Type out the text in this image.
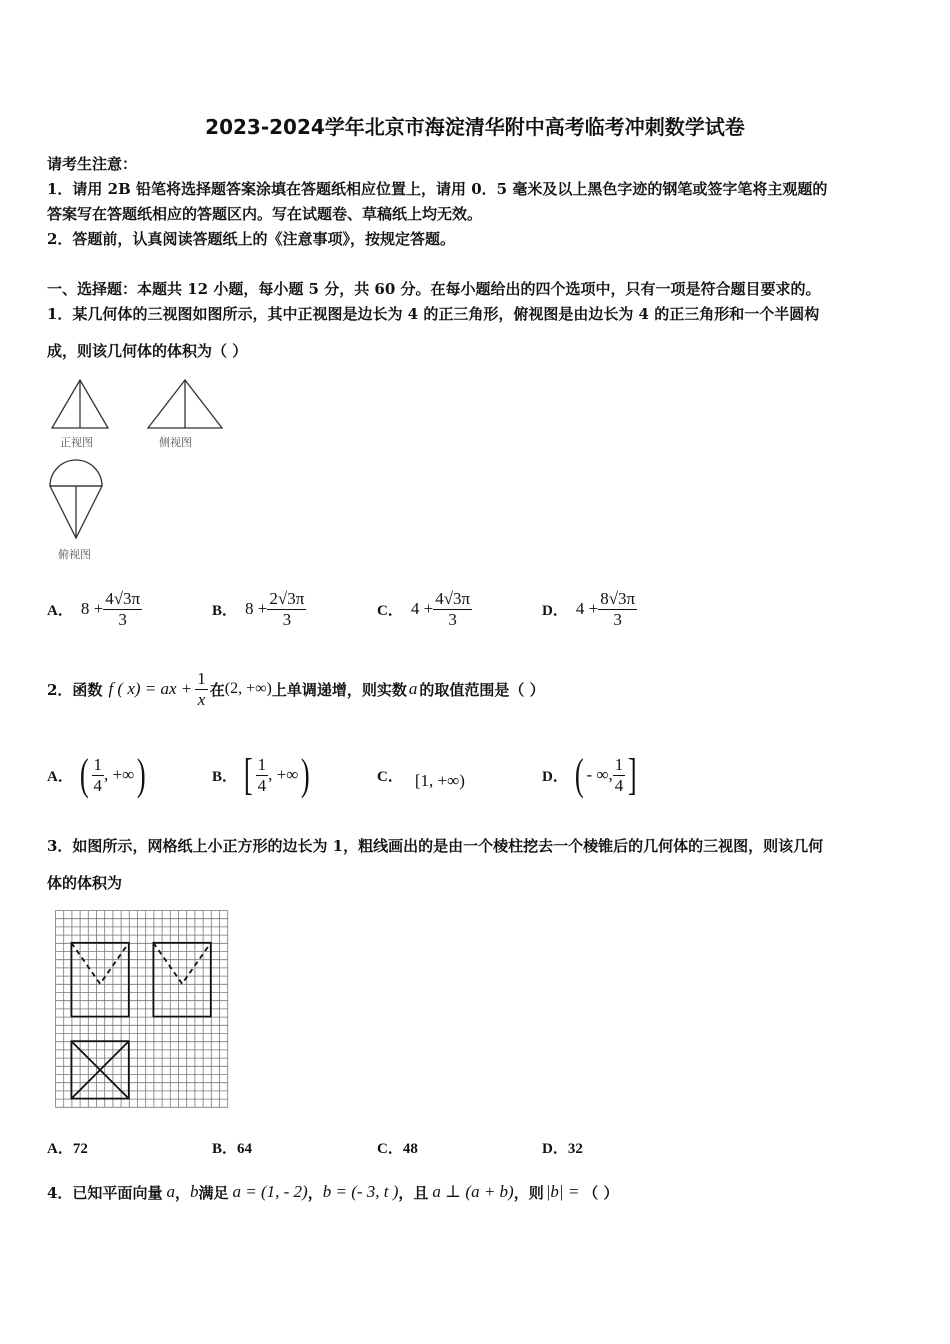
2023-2024学年北京市海淀清华附中高考临考冲刺数学试卷
请考生注意：
1．请用 2B 铅笔将选择题答案涂填在答题纸相应位置上，请用 0．5 毫米及以上黑色字迹的钢笔或签字笔将主观题的
答案写在答题纸相应的答题区内。写在试题卷、草稿纸上均无效。
2．答题前，认真阅读答题纸上的《注意事项》，按规定答题。
一、选择题：本题共 12 小题，每小题 5 分，共 60 分。在每小题给出的四个选项中，只有一项是符合题目要求的。
1．某几何体的三视图如图所示，其中正视图是边长为 4 的正三角形，俯视图是由边长为 4 的正三角形和一个半圆构
成，则该几何体的体积为（ ）
正视图	侧视图
俯视图
A． $8 + \frac{4√3\pi}{3}$	B． $8 + \frac{2√3\pi}{3}$	C． $4 + \frac{4√3\pi}{3}$	D． $4 + \frac{8√3\pi}{3}$
2．函数 f ( x) = ax + $\frac{1}{x}$ 在 (2, +∞) 上单调递增，则实数 a 的取值范围是（ ）
A． ( $\frac{1}{4}$ , +∞ )	B． [ $\frac{1}{4}$ , +∞ )	C． [1, +∞)	D． ( - ∞, $\frac{1}{4}$ ]
3．如图所示，网格纸上小正方形的边长为 1，粗线画出的是由一个棱柱挖去一个棱锥后的几何体的三视图，则该几何
体的体积为
A．72	B．64	C．48	D．32
4．已知平面向量 a ， b 满足 a = (1, - 2) ， b = (- 3, t ) ，且 a ⊥ (a + b) ，则 |b| = （ ）
